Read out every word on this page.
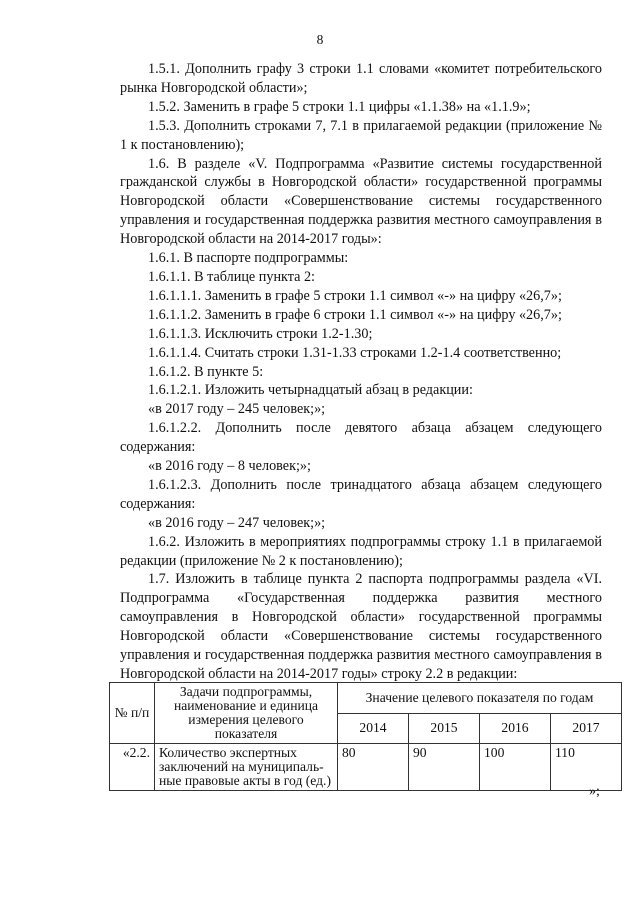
8

1.5.1. Дополнить графу 3 строки 1.1 словами «комитет потребительского рынка Новгородской области»;

1.5.2. Заменить в графе 5 строки 1.1 цифры «1.1.38» на «1.1.9»;

1.5.3. Дополнить строками 7, 7.1 в прилагаемой редакции (приложение № 1 к постановлению);

1.6. В разделе «V. Подпрограмма «Развитие системы государственной гражданской службы в Новгородской области» государственной программы Новгородской области «Совершенствование системы государственного управления и государственная поддержка развития местного самоуправления в Новгородской области на 2014-2017 годы»:

1.6.1. В паспорте подпрограммы:

1.6.1.1. В таблице пункта 2:

1.6.1.1.1. Заменить в графе 5 строки 1.1 символ «-» на цифру «26,7»;

1.6.1.1.2. Заменить в графе 6 строки 1.1 символ «-» на цифру «26,7»;

1.6.1.1.3. Исключить строки 1.2-1.30;

1.6.1.1.4. Считать строки 1.31-1.33 строками 1.2-1.4 соответственно;

1.6.1.2. В пункте 5:

1.6.1.2.1. Изложить четырнадцатый абзац в редакции:

«в 2017 году – 245 человек;»;

1.6.1.2.2. Дополнить после девятого абзаца абзацем следующего содержания:

«в 2016 году – 8 человек;»;

1.6.1.2.3. Дополнить после тринадцатого абзаца абзацем следующего содержания:

«в 2016 году – 247 человек;»;

1.6.2. Изложить в мероприятиях подпрограммы строку 1.1 в прилагаемой редакции (приложение № 2 к постановлению);

1.7. Изложить в таблице пункта 2 паспорта подпрограммы раздела «VI. Подпрограмма «Государственная поддержка развития местного самоуправления в Новгородской области» государственной программы Новгородской области «Совершенствование системы государственного управления и государственная поддержка развития местного самоуправления в Новгородской области на 2014-2017 годы» строку 2.2 в редакции:

№ п/п	Задачи подпрограммы, наименование и единица измерения целевого показателя	Значение целевого показателя по годам			
		2014	2015	2016	2017
«2.2.	Количество экспертных заключений на муниципаль-ные правовые акты в год (ед.)	80	90	100	110
»;
